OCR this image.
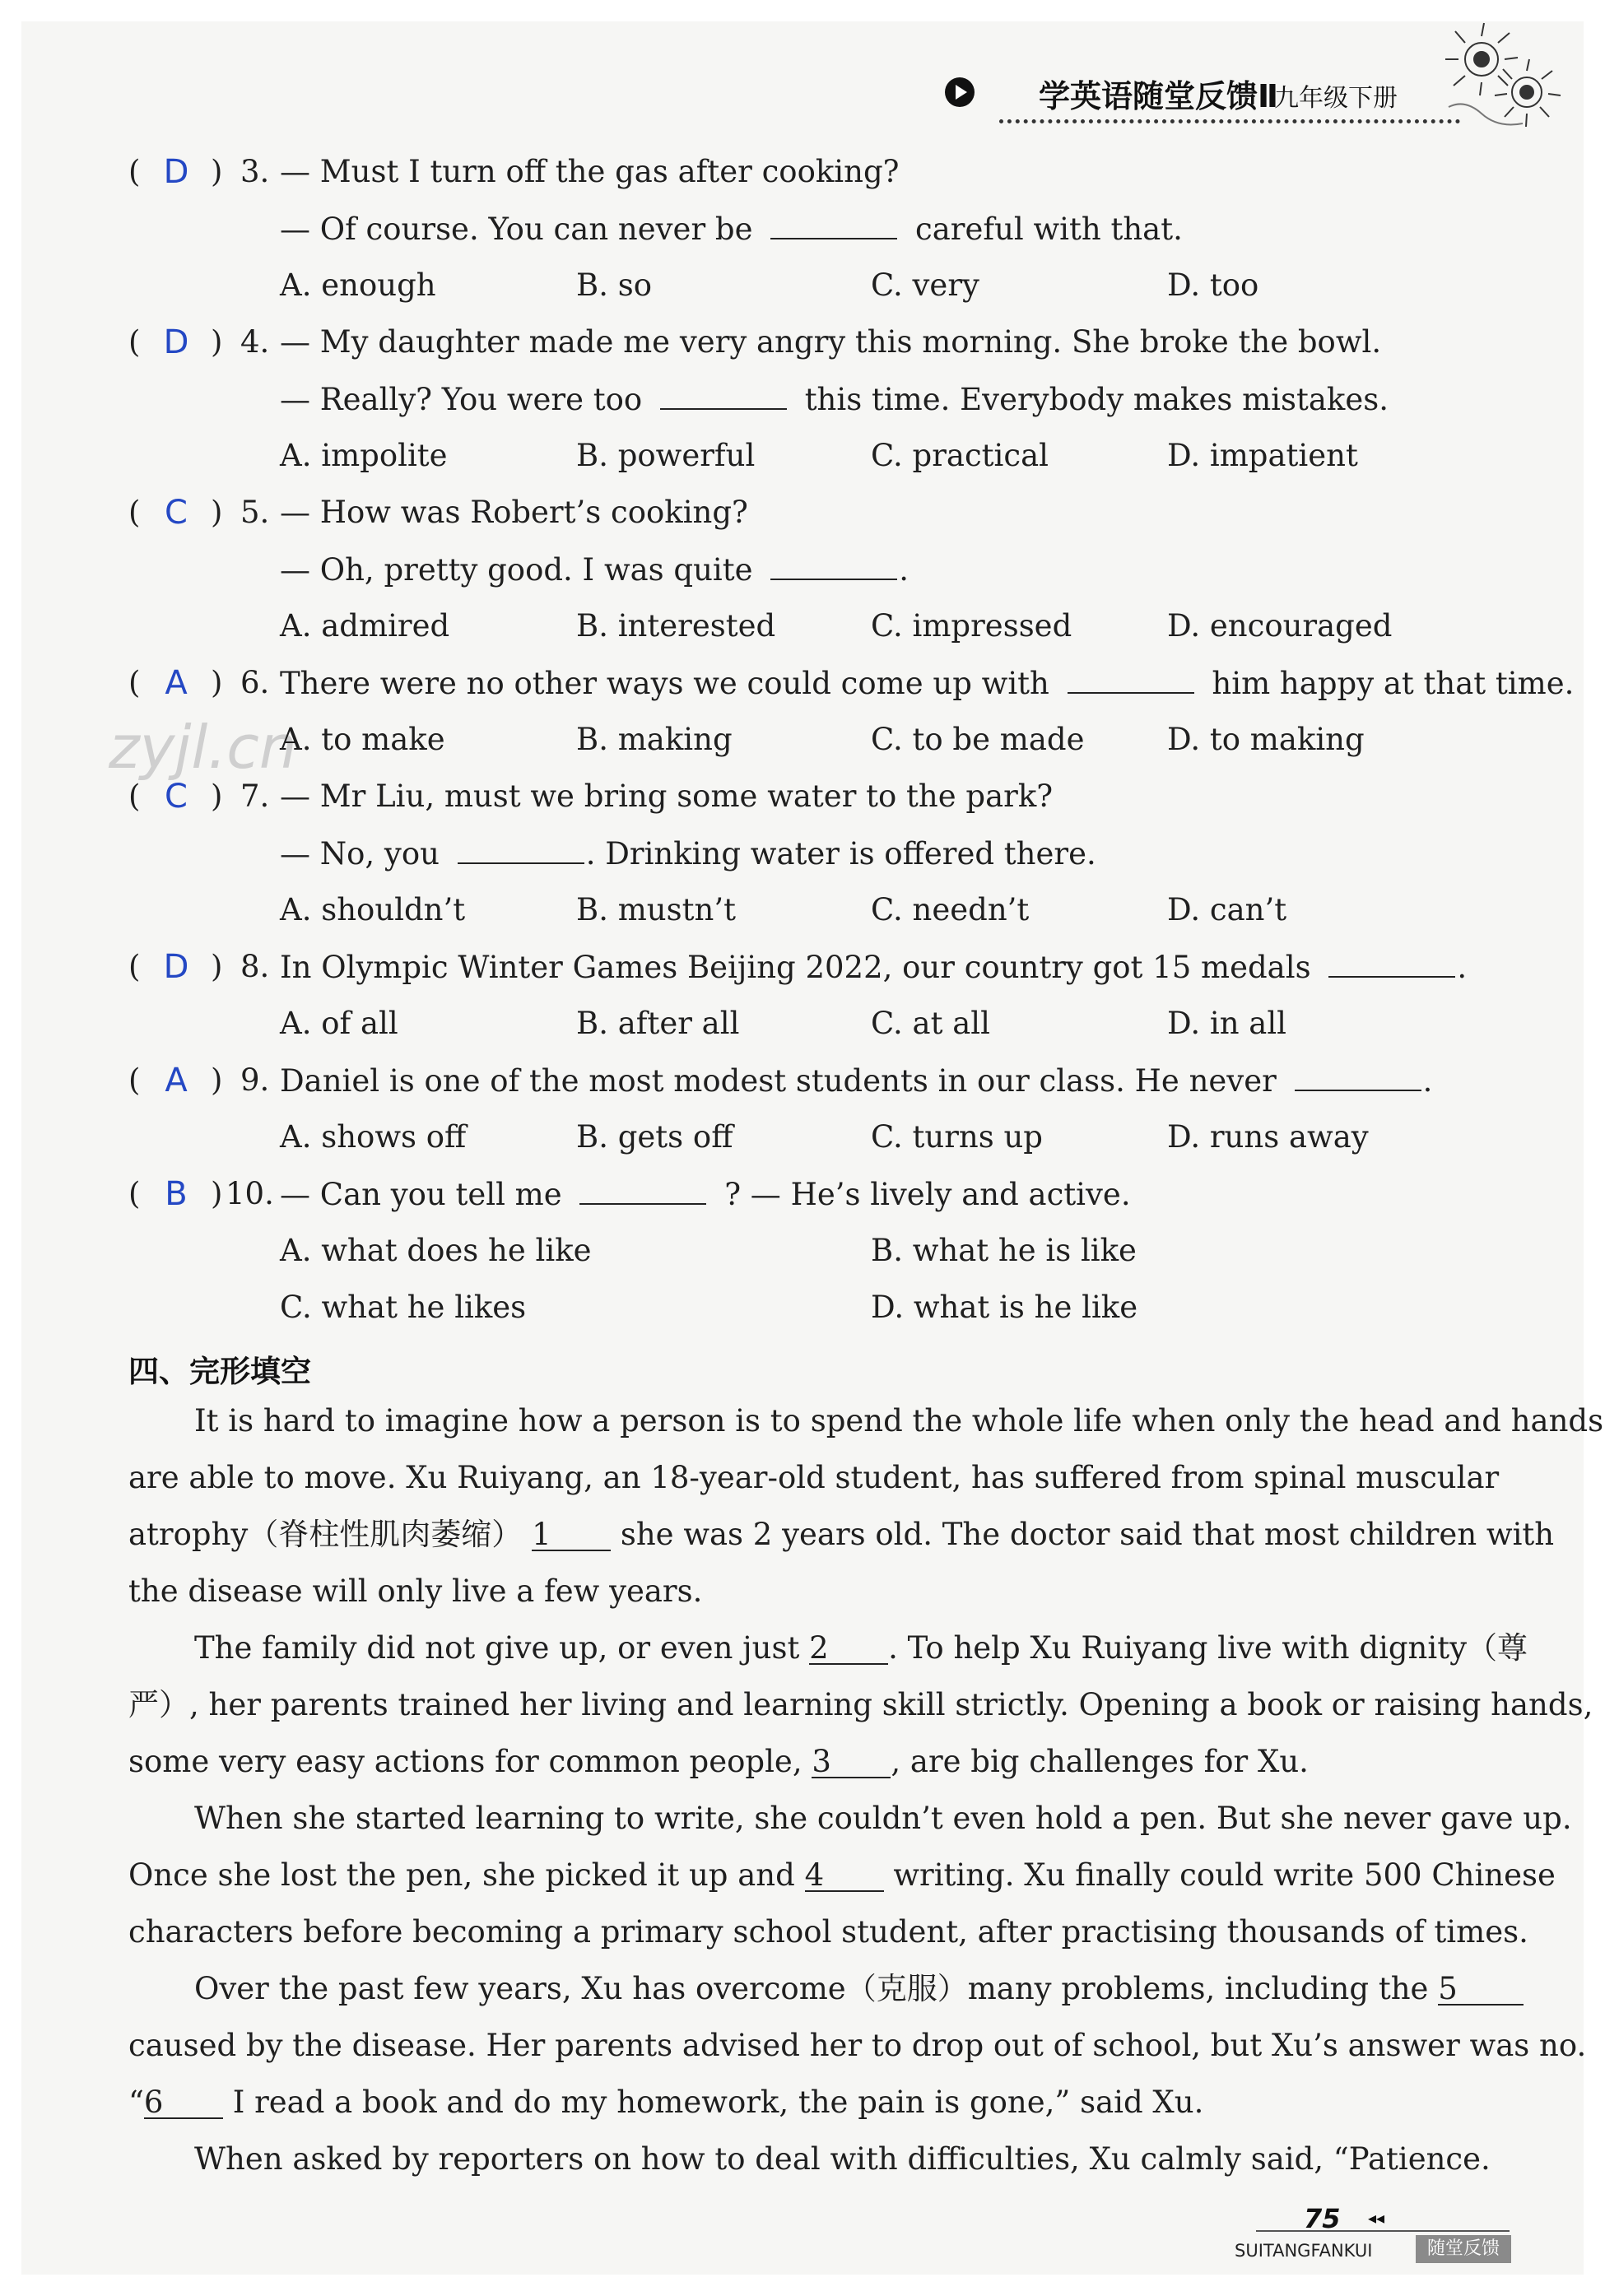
学英语随堂反馈Ⅱ
九年级下册
zyjl.cn
( D ) 3. — Must I turn off the gas after cooking?
— Of course. You can never be	careful with that.
A. enough	B. so	C. very	D. too
( D ) 4. — My daughter made me very angry this morning. She broke the bowl.
— Really? You were too	this time. Everybody makes mistakes.
A. impolite	B. powerful	C. practical	D. impatient
( C ) 5. — How was Robert’s cooking?
— Oh, pretty good. I was quite	.
A. admired	B. interested	C. impressed	D. encouraged
( A ) 6. There were no other ways we could come up with	him happy at that time.
A. to make	B. making	C. to be made	D. to making
( C ) 7. — Mr Liu, must we bring some water to the park?
— No, you	. Drinking water is offered there.
A. shouldn’t	B. mustn’t	C. needn’t	D. can’t
( D ) 8. In Olympic Winter Games Beijing 2022, our country got 15 medals	.
A. of all	B. after all	C. at all	D. in all
( A ) 9. Daniel is one of the most modest students in our class. He never	.
A. shows off	B. gets off	C. turns up	D. runs away
( B ) 10. — Can you tell me	? — He’s lively and active.
A. what does he like	B. what he is like
C. what he likes	D. what is he like
四、完形填空
It is hard to imagine how a person is to spend the whole life when only the head and hands
are able to move. Xu Ruiyang, an 18-year-old student, has suffered from spinal muscular
atrophy（脊柱性肌肉萎缩） 1 she was 2 years old. The doctor said that most children with
the disease will only live a few years.
The family did not give up, or even just 2 . To help Xu Ruiyang live with dignity（尊
严）, her parents trained her living and learning skill strictly. Opening a book or raising hands,
some very easy actions for common people, 3 , are big challenges for Xu.
When she started learning to write, she couldn’t even hold a pen. But she never gave up.
Once she lost the pen, she picked it up and 4 writing. Xu finally could write 500 Chinese
characters before becoming a primary school student, after practising thousands of times.
Over the past few years, Xu has overcome（克服）many problems, including the 5
caused by the disease. Her parents advised her to drop out of school, but Xu’s answer was no.
“6 I read a book and do my homework, the pain is gone,” said Xu.
When asked by reporters on how to deal with difficulties, Xu calmly said, “Patience.
75 ◂◂
SUITANGFANKUI	随堂反馈
